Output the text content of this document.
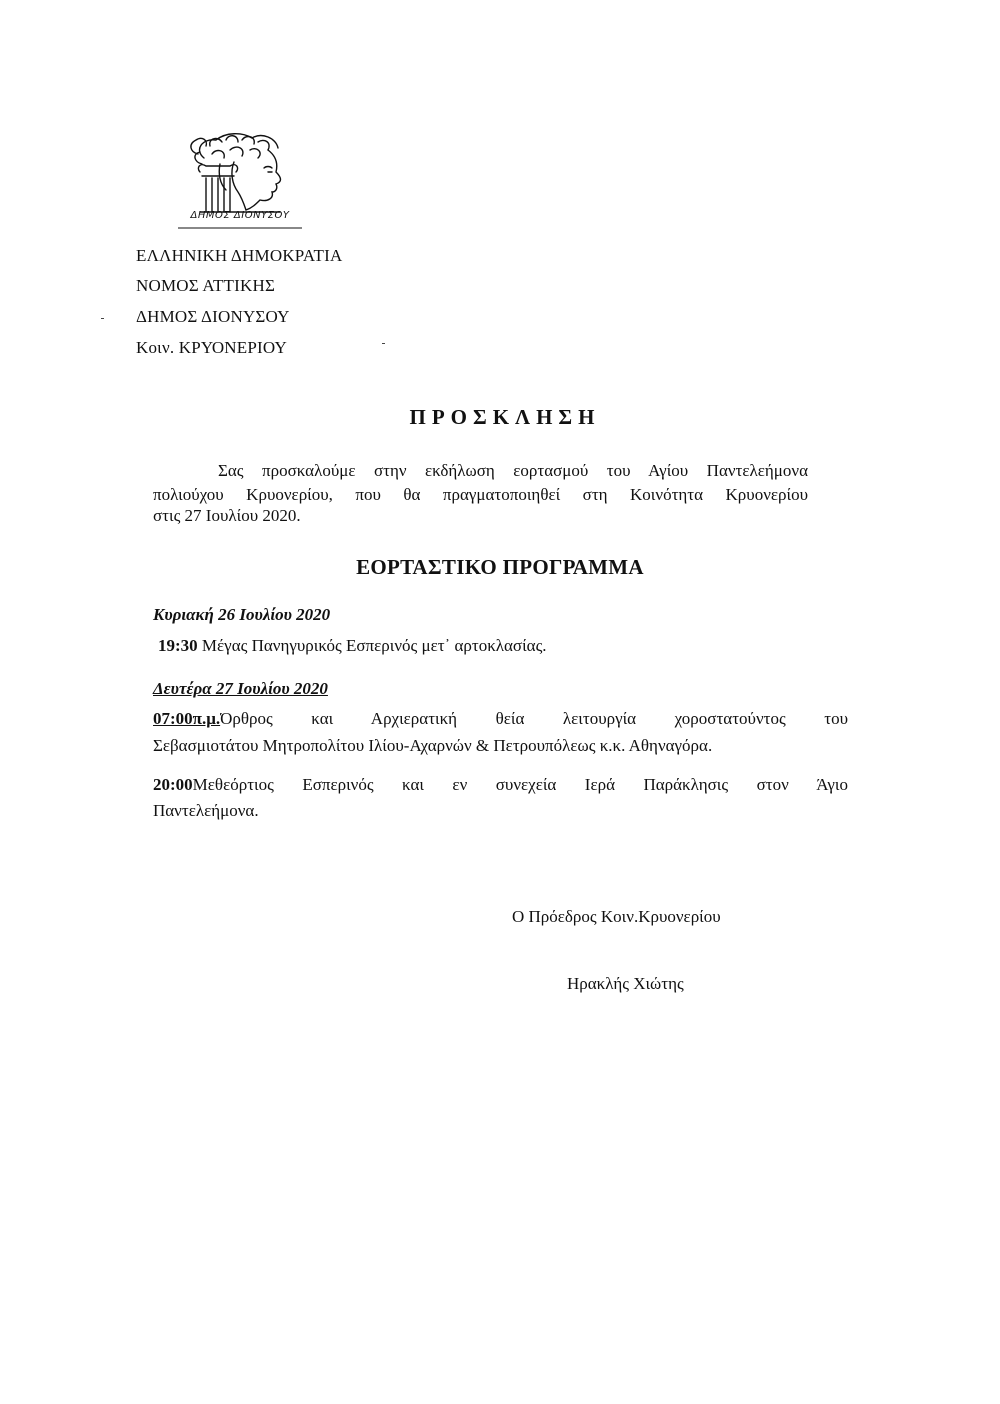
ΔΗΜΟΣ ΔΙΟΝΥΣΟΥ
ΕΛΛΗΝΙΚΗ ΔΗΜΟΚΡΑΤΙΑ
ΝΟΜΟΣ ΑΤΤΙΚΗΣ
ΔΗΜΟΣ ΔΙΟΝΥΣΟΥ
Κοιν. ΚΡΥΟΝΕΡΙΟΥ
ΠΡΟΣΚΛΗΣΗ
Σας προσκαλούμε στην εκδήλωση εορτασμού του Αγίου Παντελεήμονα
πολιούχου Κρυονερίου, που θα πραγματοποιηθεί στη Κοινότητα Κρυονερίου
στις 27 Ιουλίου 2020.
ΕΟΡΤΑΣΤΙΚΟ ΠΡΟΓΡΑΜΜΑ
Κυριακή 26 Ιουλίου 2020
19:30 Μέγας Πανηγυρικός Εσπερινός μετ᾽ αρτοκλασίας.
Δευτέρα 27 Ιουλίου 2020
07:00π.μ. Όρθρος και Αρχιερατική θεία λειτουργία χοροστατούντος του
Σεβασμιοτάτου Μητροπολίτου Ιλίου-Αχαρνών & Πετρουπόλεως κ.κ. Αθηναγόρα.
20:00 Μεθεόρτιος Εσπερινός και εν συνεχεία Ιερά Παράκλησις στον Άγιο
Παντελεήμονα.
Ο Πρόεδρος Κοιν.Κρυονερίου
Ηρακλής Χιώτης
